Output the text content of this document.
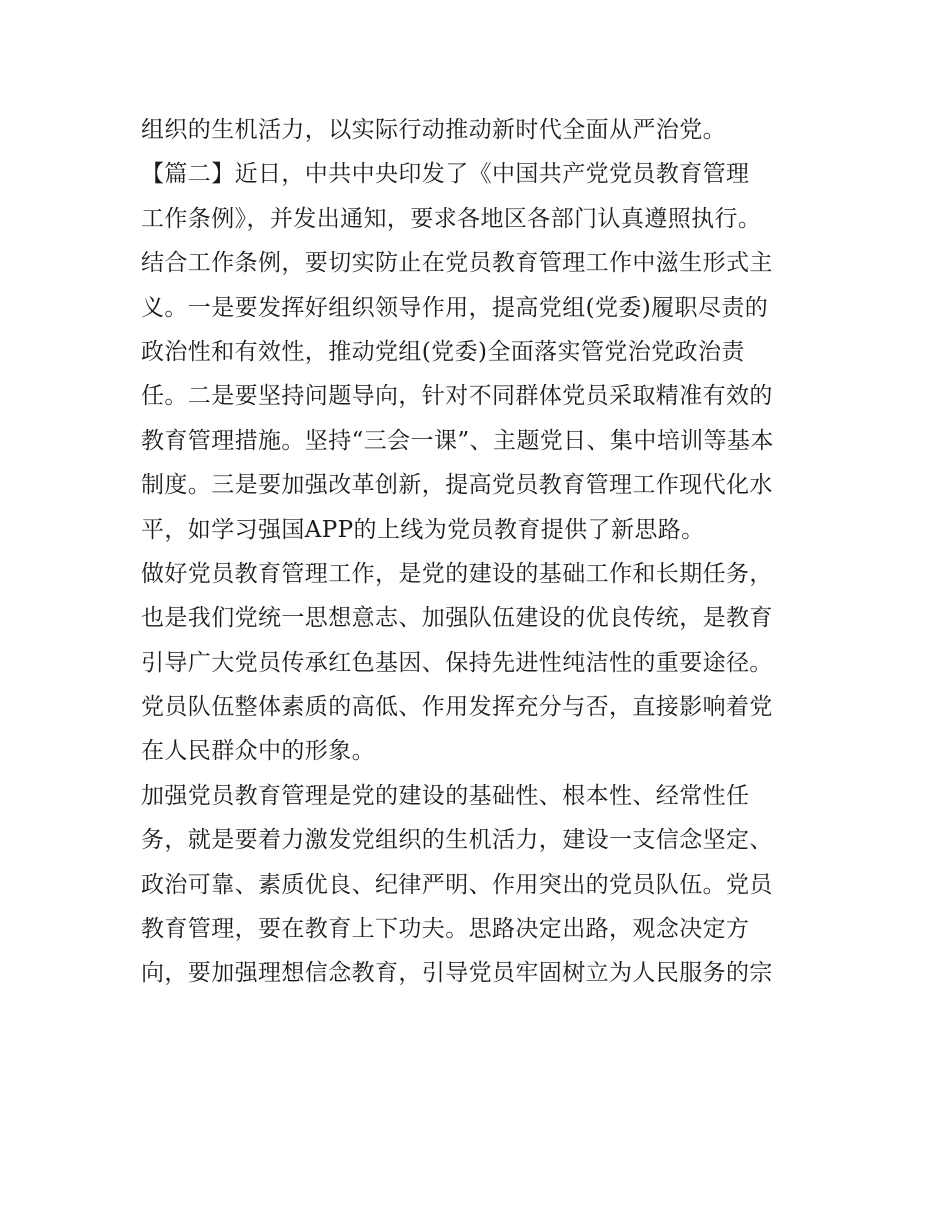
组织的生机活力，以实际行动推动新时代全面从严治党。
【篇二】近日，中共中央印发了《中国共产党党员教育管理
工作条例》，并发出通知，要求各地区各部门认真遵照执行。
结合工作条例，要切实防止在党员教育管理工作中滋生形式主
义。一是要发挥好组织领导作用，提高党组(党委)履职尽责的
政治性和有效性，推动党组(党委)全面落实管党治党政治责
任。二是要坚持问题导向，针对不同群体党员采取精准有效的
教育管理措施。坚持“三会一课”、主题党日、集中培训等基本
制度。三是要加强改革创新，提高党员教育管理工作现代化水
平，如学习强国APP的上线为党员教育提供了新思路。
做好党员教育管理工作，是党的建设的基础工作和长期任务，
也是我们党统一思想意志、加强队伍建设的优良传统，是教育
引导广大党员传承红色基因、保持先进性纯洁性的重要途径。
党员队伍整体素质的高低、作用发挥充分与否，直接影响着党
在人民群众中的形象。
加强党员教育管理是党的建设的基础性、根本性、经常性任
务，就是要着力激发党组织的生机活力，建设一支信念坚定、
政治可靠、素质优良、纪律严明、作用突出的党员队伍。党员
教育管理，要在教育上下功夫。思路决定出路，观念决定方
向，要加强理想信念教育，引导党员牢固树立为人民服务的宗
